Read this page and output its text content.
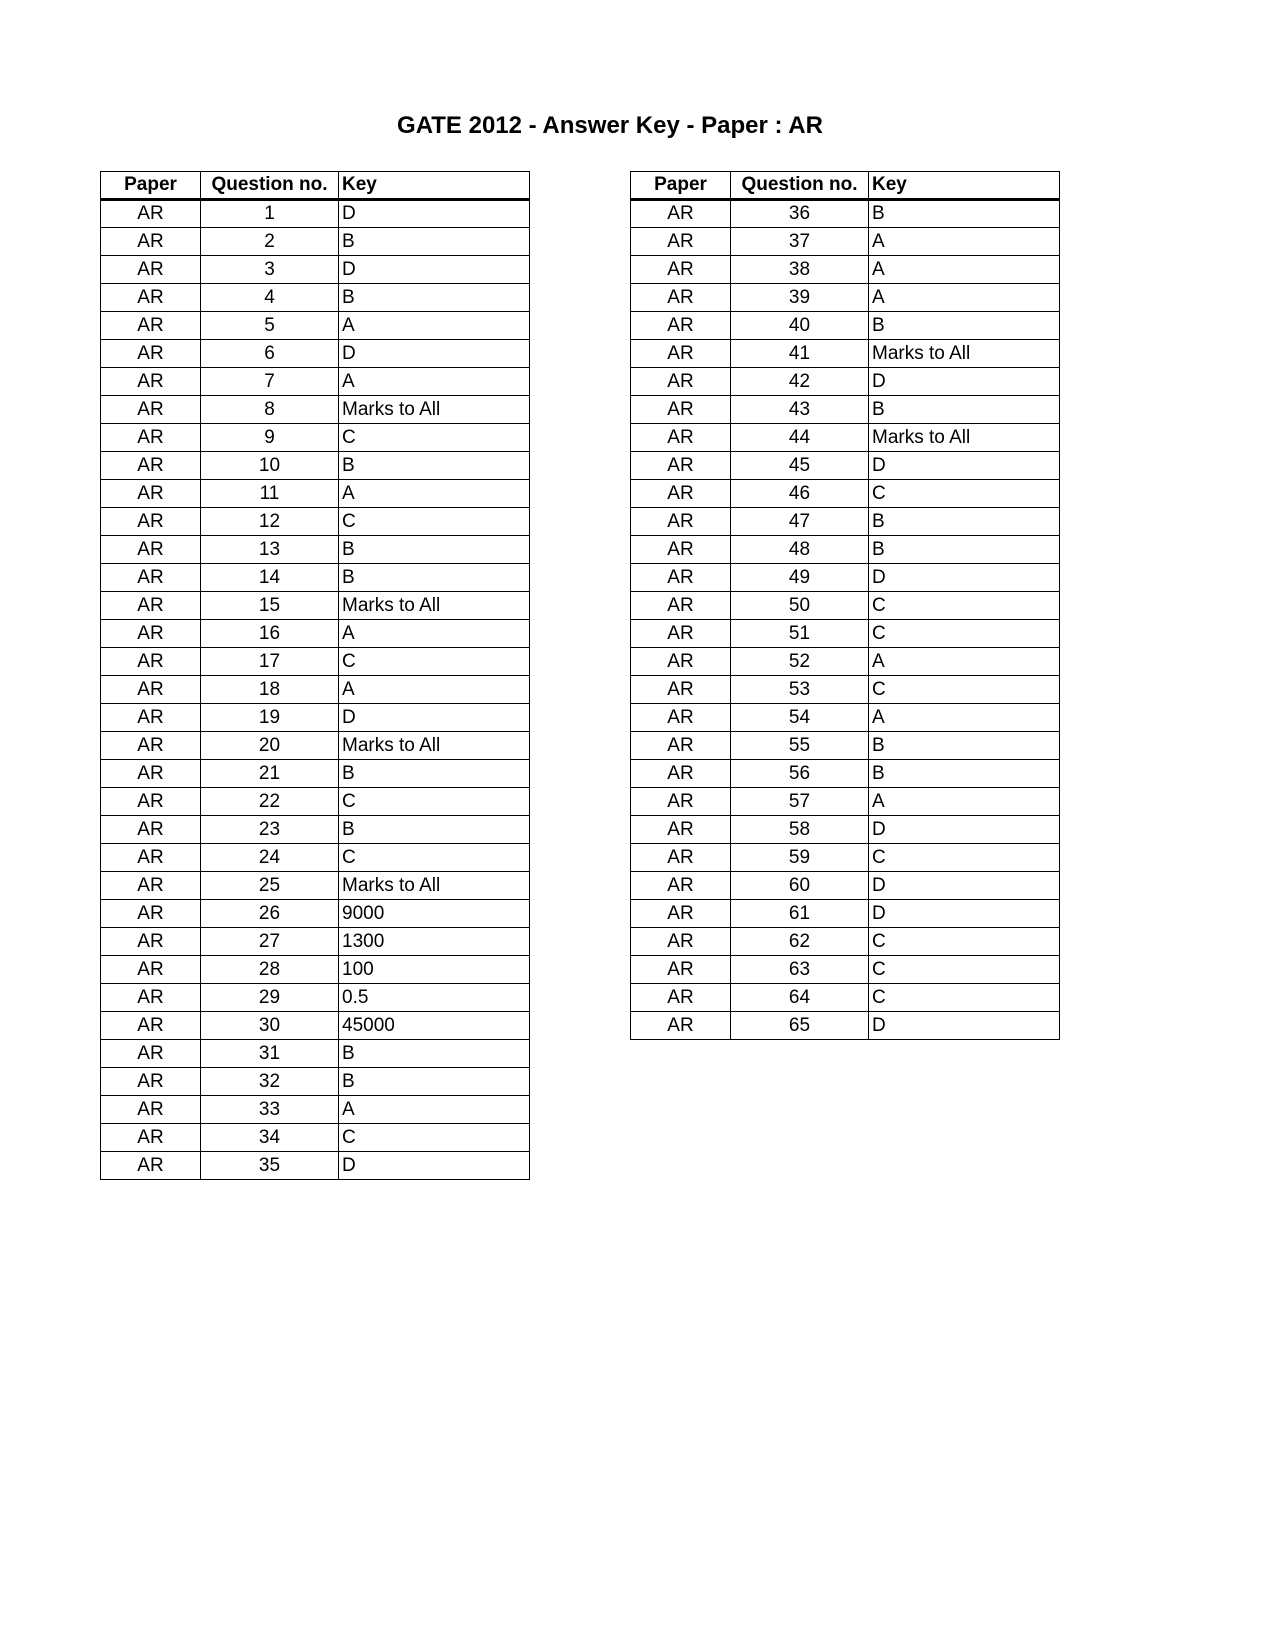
GATE 2012 - Answer Key - Paper : AR
Paper	Question no.	Key
AR	1	D
AR	2	B
AR	3	D
AR	4	B
AR	5	A
AR	6	D
AR	7	A
AR	8	Marks to All
AR	9	C
AR	10	B
AR	11	A
AR	12	C
AR	13	B
AR	14	B
AR	15	Marks to All
AR	16	A
AR	17	C
AR	18	A
AR	19	D
AR	20	Marks to All
AR	21	B
AR	22	C
AR	23	B
AR	24	C
AR	25	Marks to All
AR	26	9000
AR	27	1300
AR	28	100
AR	29	0.5
AR	30	45000
AR	31	B
AR	32	B
AR	33	A
AR	34	C
AR	35	D
Paper	Question no.	Key
AR	36	B
AR	37	A
AR	38	A
AR	39	A
AR	40	B
AR	41	Marks to All
AR	42	D
AR	43	B
AR	44	Marks to All
AR	45	D
AR	46	C
AR	47	B
AR	48	B
AR	49	D
AR	50	C
AR	51	C
AR	52	A
AR	53	C
AR	54	A
AR	55	B
AR	56	B
AR	57	A
AR	58	D
AR	59	C
AR	60	D
AR	61	D
AR	62	C
AR	63	C
AR	64	C
AR	65	D
